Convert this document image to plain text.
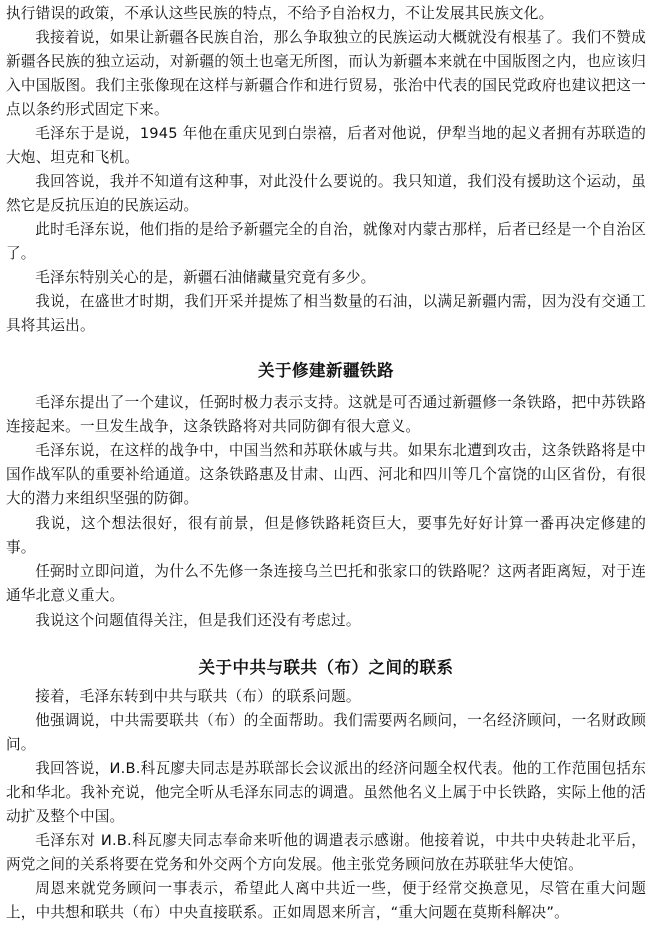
执行错误的政策，不承认这些民族的特点，不给予自治权力，不让发展其民族文化。

我接着说，如果让新疆各民族自治，那么争取独立的民族运动大概就没有根基了。我们不赞成新疆各民族的独立运动，对新疆的领土也毫无所图，而认为新疆本来就在中国版图之内，也应该归入中国版图。我们主张像现在这样与新疆合作和进行贸易，张治中代表的国民党政府也建议把这一点以条约形式固定下来。

毛泽东于是说，1945 年他在重庆见到白崇禧，后者对他说，伊犁当地的起义者拥有苏联造的大炮、坦克和飞机。

我回答说，我并不知道有这种事，对此没什么要说的。我只知道，我们没有援助这个运动，虽然它是反抗压迫的民族运动。

此时毛泽东说，他们指的是给予新疆完全的自治，就像对内蒙古那样，后者已经是一个自治区了。

毛泽东特别关心的是，新疆石油储藏量究竟有多少。

我说，在盛世才时期，我们开采并提炼了相当数量的石油，以满足新疆内需，因为没有交通工具将其运出。

关于修建新疆铁路

毛泽东提出了一个建议，任弼时极力表示支持。这就是可否通过新疆修一条铁路，把中苏铁路连接起来。一旦发生战争，这条铁路将对共同防御有很大意义。

毛泽东说，在这样的战争中，中国当然和苏联休戚与共。如果东北遭到攻击，这条铁路将是中国作战军队的重要补给通道。这条铁路惠及甘肃、山西、河北和四川等几个富饶的山区省份，有很大的潜力来组织坚强的防御。

我说，这个想法很好，很有前景，但是修铁路耗资巨大，要事先好好计算一番再决定修建的事。

任弼时立即问道，为什么不先修一条连接乌兰巴托和张家口的铁路呢？这两者距离短，对于连通华北意义重大。

我说这个问题值得关注，但是我们还没有考虑过。

关于中共与联共（布）之间的联系

接着，毛泽东转到中共与联共（布）的联系问题。

他强调说，中共需要联共（布）的全面帮助。我们需要两名顾问，一名经济顾问，一名财政顾问。

我回答说，И.В.科瓦廖夫同志是苏联部长会议派出的经济问题全权代表。他的工作范围包括东北和华北。我补充说，他完全听从毛泽东同志的调遣。虽然他名义上属于中长铁路，实际上他的活动扩及整个中国。

毛泽东对 И.В.科瓦廖夫同志奉命来听他的调遣表示感谢。他接着说，中共中央转赴北平后，两党之间的关系将要在党务和外交两个方向发展。他主张党务顾问放在苏联驻华大使馆。

周恩来就党务顾问一事表示，希望此人离中共近一些，便于经常交换意见，尽管在重大问题上，中共想和联共（布）中央直接联系。正如周恩来所言，“重大问题在莫斯科解决”。
